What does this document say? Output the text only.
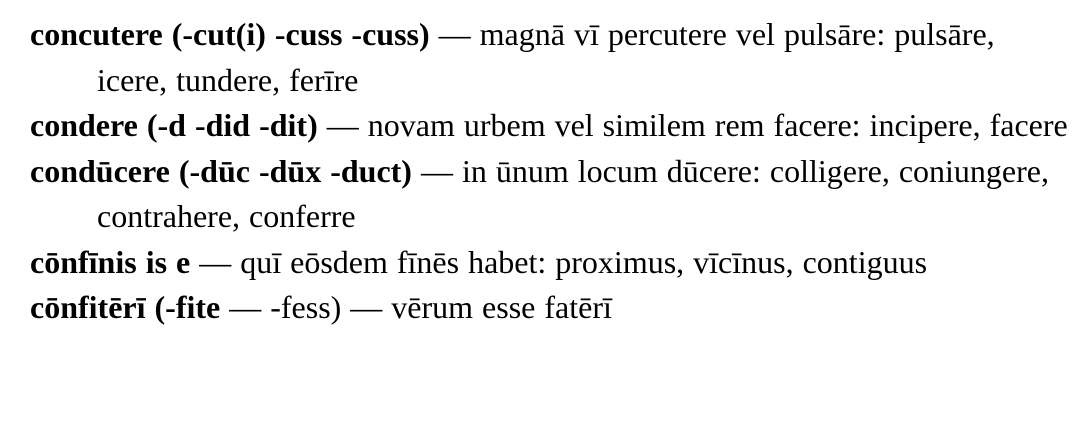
concutere (-cut(i) -cuss -cuss) — magnā vī percutere vel pulsāre: pulsāre, icere, tundere, ferīre

condere (-d -did -dit) — novam urbem vel similem rem facere: incipere, facere

condūcere (-dūc -dūx -duct) — in ūnum locum dūcere: colligere, coniungere, contrahere, conferre

cōnfīnis is e — quī eōsdem fīnēs habet: proximus, vīcīnus, contiguus

cōnfitērī (-fite — -fess) — vērum esse fatērī
